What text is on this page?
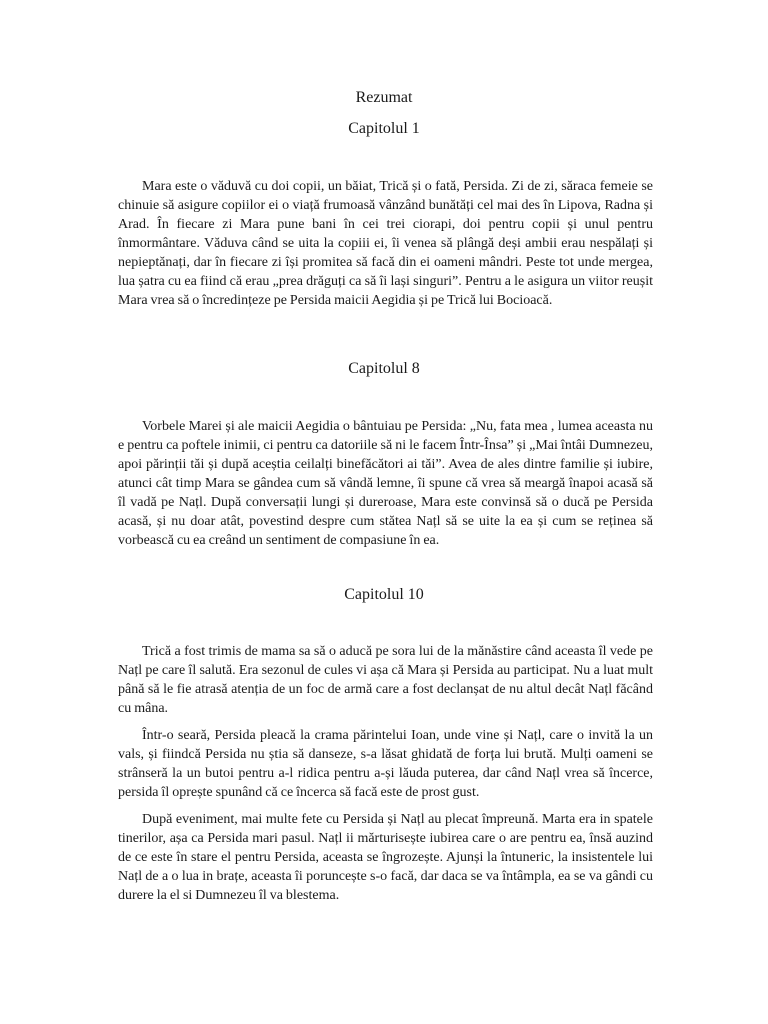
Rezumat
Capitolul 1

Mara este o văduvă cu doi copii, un băiat, Trică și o fată, Persida. Zi de zi, săraca femeie se chinuie să asigure copiilor ei o viață frumoasă vânzând bunătăți cel mai des în Lipova, Radna și Arad. În fiecare zi Mara pune bani în cei trei ciorapi, doi pentru copii și unul pentru înmormântare. Văduva când se uita la copiii ei, îi venea să plângă deși ambii erau nespălați și nepieptănați, dar în fiecare zi își promitea să facă din ei oameni mândri. Peste tot unde mergea, lua șatra cu ea fiind că erau „prea drăguți ca să îi lași singuri”. Pentru a le asigura un viitor reușit Mara vrea să o încredințeze pe Persida maicii Aegidia și pe Trică lui Bocioacă.

Capitolul 8

Vorbele Marei și ale maicii Aegidia o bântuiau pe Persida: „Nu, fata mea , lumea aceasta nu e pentru ca poftele inimii, ci pentru ca datoriile să ni le facem Într-Însa” și „Mai întâi Dumnezeu, apoi părinții tăi și după aceștia ceilalți binefăcători ai tăi”. Avea de ales dintre familie și iubire, atunci cât timp Mara se gândea cum să vândă lemne, îi spune că vrea să meargă înapoi acasă să îl vadă pe Națl. După conversații lungi și dureroase, Mara este convinsă să o ducă pe Persida acasă, și nu doar atât, povestind despre cum stătea Națl să se uite la ea și cum se reținea să vorbească cu ea creând un sentiment de compasiune în ea.

Capitolul 10

Trică a fost trimis de mama sa să o aducă pe sora lui de la mănăstire când aceasta îl vede pe Națl pe care îl salută. Era sezonul de cules vi așa că Mara și Persida au participat. Nu a luat mult până să le fie atrasă atenția de un foc de armă care a fost declanșat de nu altul decât Națl făcând cu mâna.

Într-o seară, Persida pleacă la crama părintelui Ioan, unde vine și Națl, care o invită la un vals, și fiindcă Persida nu știa să danseze, s-a lăsat ghidată de forța lui brută. Mulți oameni se strânseră la un butoi pentru a-l ridica pentru a-și lăuda puterea, dar când Națl vrea să încerce, persida îl oprește spunând că ce încerca să facă este de prost gust.

După eveniment, mai multe fete cu Persida și Națl au plecat împreună. Marta era in spatele tinerilor, așa ca Persida mari pasul. Națl ii mărturisește iubirea care o are pentru ea, însă auzind de ce este în stare el pentru Persida, aceasta se îngrozește. Ajunși la întuneric, la insistentele lui Națl de a o lua in brațe, aceasta îi poruncește s-o facă, dar daca se va întâmpla, ea se va gândi cu durere la el si Dumnezeu îl va blestema.
